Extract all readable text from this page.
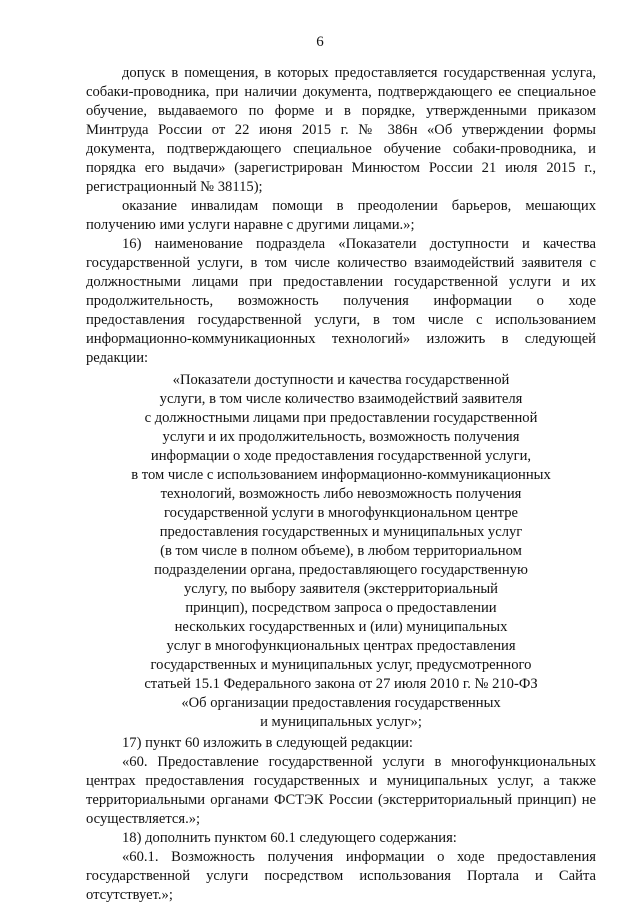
6
допуск в помещения, в которых предоставляется государственная услуга,
собаки-проводника, при наличии документа, подтверждающего ее специальное
обучение, выдаваемого по форме и в порядке, утвержденными приказом
Минтруда России от 22 июня 2015 г. № 386н «Об утверждении формы
документа, подтверждающего специальное обучение собаки-проводника, и
порядка его выдачи» (зарегистрирован Минюстом России 21 июля 2015 г.,
регистрационный № 38115);
оказание инвалидам помощи в преодолении барьеров, мешающих
получению ими услуги наравне с другими лицами.»;
16) наименование подраздела «Показатели доступности и качества
государственной услуги, в том числе количество взаимодействий заявителя с
должностными лицами при предоставлении государственной услуги и их
продолжительность, возможность получения информации о ходе
предоставления государственной услуги, в том числе с использованием
информационно-коммуникационных технологий» изложить в следующей
редакции:
«Показатели доступности и качества государственной
услуги, в том числе количество взаимодействий заявителя
с должностными лицами при предоставлении государственной
услуги и их продолжительность, возможность получения
информации о ходе предоставления государственной услуги,
в том числе с использованием информационно-коммуникационных
технологий, возможность либо невозможность получения
государственной услуги в многофункциональном центре
предоставления государственных и муниципальных услуг
(в том числе в полном объеме), в любом территориальном
подразделении органа, предоставляющего государственную
услугу, по выбору заявителя (экстерриториальный
принцип), посредством запроса о предоставлении
нескольких государственных и (или) муниципальных
услуг в многофункциональных центрах предоставления
государственных и муниципальных услуг, предусмотренного
статьей 15.1 Федерального закона от 27 июля 2010 г. № 210-ФЗ
«Об организации предоставления государственных
и муниципальных услуг»;
17) пункт 60 изложить в следующей редакции:
«60. Предоставление государственной услуги в многофункциональных
центрах предоставления государственных и муниципальных услуг, а также
территориальными органами ФСТЭК России (экстерриториальный принцип) не
осуществляется.»;
18) дополнить пунктом 60.1 следующего содержания:
«60.1. Возможность получения информации о ходе предоставления
государственной услуги посредством использования Портала и Сайта
отсутствует.»;
